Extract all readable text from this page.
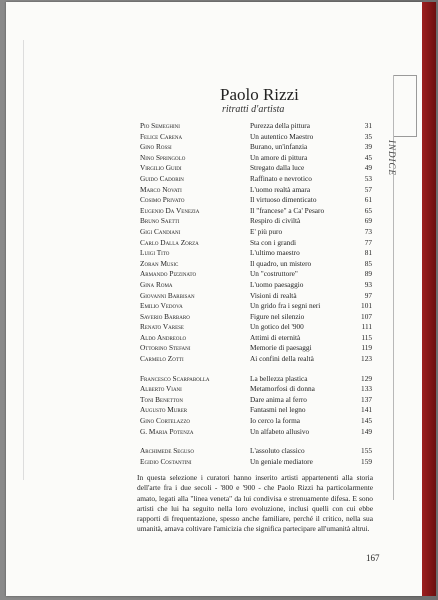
INDICE
Paolo Rizzi
ritratti d'artista
Pio Semeghini	Purezza della pittura	31
Felice Carena	Un autentico Maestro	35
Gino Rossi	Burano, un'infanzia	39
Nino Springolo	Un amore di pittura	45
Virgilio Guidi	Stregato dalla luce	49
Guido Cadorin	Raffinato e nevrotico	53
Marco Novati	L'uomo realtà amara	57
Cosimo Privato	Il virtuoso dimenticato	61
Eugenio Da Venezia	Il "francese" a Ca' Pesaro	65
Bruno Saetti	Respiro di civiltà	69
Gigi Candiani	E' più puro	73
Carlo Dalla Zorza	Sta con i grandi	77
Luigi Tito	L'ultimo maestro	81
Zoran Music	Il quadro, un mistero	85
Armando Pizzinato	Un "costruttore"	89
Gina Roma	L'uomo paesaggio	93
Giovanni Barbisan	Visioni di realtà	97
Emilio Vedova	Un grido fra i segni neri	101
Saverio Barbaro	Figure nel silenzio	107
Renato Varese	Un gotico del '900	111
Aldo Andreolo	Attimi di eternità	115
Ottorino Stefani	Memorie di paesaggi	119
Carmelo Zotti	Ai confini della realtà	123
Francesco Scarpabolla	La bellezza plastica	129
Alberto Viani	Metamorfosi di donna	133
Toni Benetton	Dare anima al ferro	137
Augusto Murer	Fantasmi nel legno	141
Gino Cortelazzo	Io cerco la forma	145
G. Maria Potenza	Un alfabeto allusivo	149
Archimede Seguso	L'assoluto classico	155
Egidio Costantini	Un geniale mediatore	159
In questa selezione i curatori hanno inserito artisti appartenenti alla storia dell'arte fra i due secoli - '800 e '900 - che Paolo Rizzi ha particolarmente amato, legati alla "linea veneta" da lui condivisa e strenuamente difesa. E sono artisti che lui ha seguito nella loro evoluzione, inclusi quelli con cui ebbe rapporti di frequentazione, spesso anche familiare, perché il critico, nella sua umanità, amava coltivare l'amicizia che significa partecipare all'umanità altrui.
167
